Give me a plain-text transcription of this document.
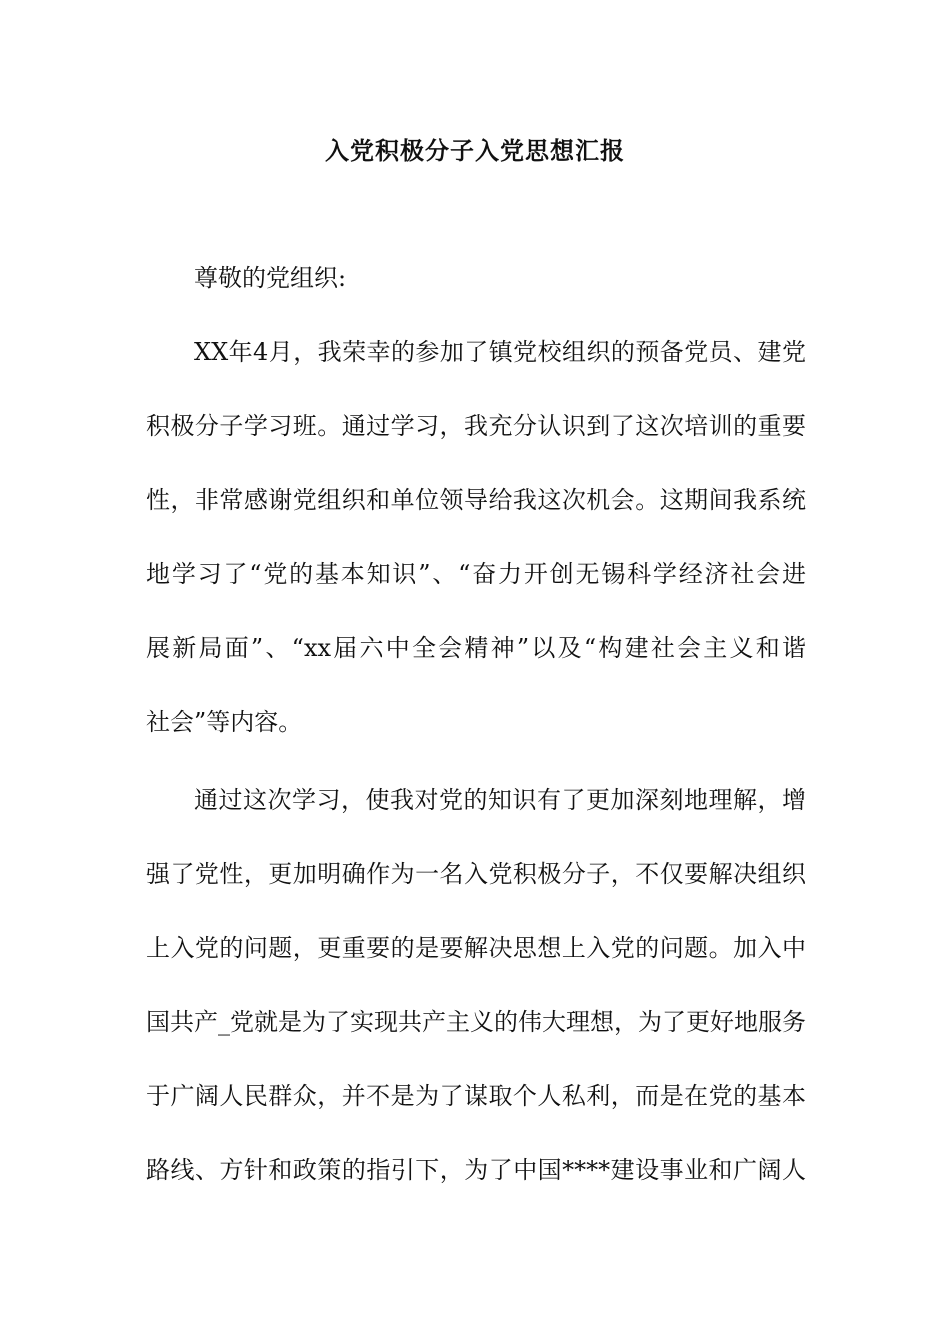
入党积极分子入党思想汇报
尊敬的党组织:
XX年4月，我荣幸的参加了镇党校组织的预备党员、建党
积极分子学习班。通过学习，我充分认识到了这次培训的重要
性，非常感谢党组织和单位领导给我这次机会。这期间我系统
地学习了“党的基本知识”、“奋力开创无锡科学经济社会进
展新局面”、“xx届六中全会精神”以及“构建社会主义和谐
社会”等内容。
通过这次学习，使我对党的知识有了更加深刻地理解，增
强了党性，更加明确作为一名入党积极分子，不仅要解决组织
上入党的问题，更重要的是要解决思想上入党的问题。加入中
国共产_党就是为了实现共产主义的伟大理想，为了更好地服务
于广阔人民群众，并不是为了谋取个人私利，而是在党的基本
路线、方针和政策的指引下，为了中国****建设事业和广阔人
